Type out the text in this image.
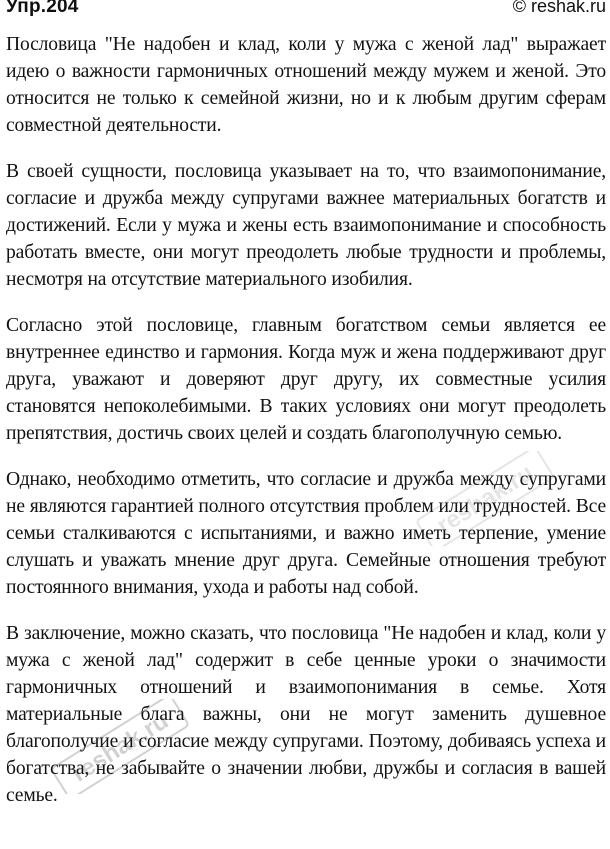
Упр.204	© reshak.ru

Пословица "Не надобен и клад, коли у мужа с женой лад" выражает идею о важности гармоничных отношений между мужем и женой. Это относится не только к семейной жизни, но и к любым другим сферам совместной деятельности.

В своей сущности, пословица указывает на то, что взаимопонимание, согласие и дружба между супругами важнее материальных богатств и достижений. Если у мужа и жены есть взаимопонимание и способность работать вместе, они могут преодолеть любые трудности и проблемы, несмотря на отсутствие материального изобилия.

Согласно этой пословице, главным богатством семьи является ее внутреннее единство и гармония. Когда муж и жена поддерживают друг друга, уважают и доверяют друг другу, их совместные усилия становятся непоколебимыми. В таких условиях они могут преодолеть препятствия, достичь своих целей и создать благополучную семью.

Однако, необходимо отметить, что согласие и дружба между супругами не являются гарантией полного отсутствия проблем или трудностей. Все семьи сталкиваются с испытаниями, и важно иметь терпение, умение слушать и уважать мнение друг друга. Семейные отношения требуют постоянного внимания, ухода и работы над собой.

В заключение, можно сказать, что пословица "Не надобен и клад, коли у мужа с женой лад" содержит в себе ценные уроки о значимости гармоничных отношений и взаимопонимания в семье. Хотя материальные блага важны, они не могут заменить душевное благополучие и согласие между супругами. Поэтому, добиваясь успеха и богатства, не забывайте о значении любви, дружбы и согласия в вашей семье.

reshak.ru
reshak.ru
